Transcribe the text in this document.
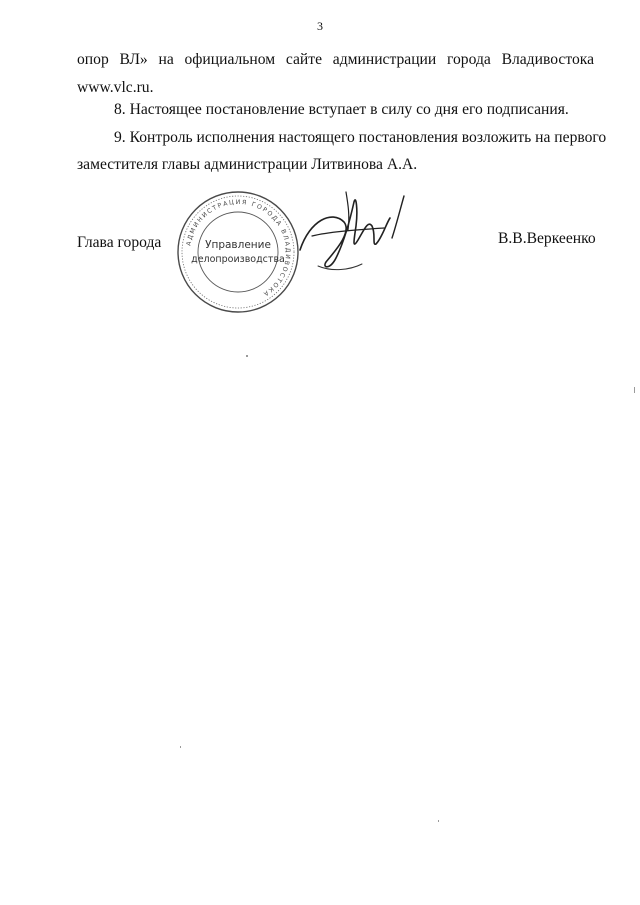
3
опор ВЛ» на официальном сайте администрации города Владивостока
www.vlc.ru.
8. Настоящее постановление вступает в силу со дня его подписания.
9. Контроль исполнения настоящего постановления возложить на первого
заместителя главы администрации Литвинова А.А.
Глава города	АДМИНИСТРАЦИЯ ГОРОДА ВЛАДИВОСТОКА
Управление
делопроизводства
В.В.Веркеенко
